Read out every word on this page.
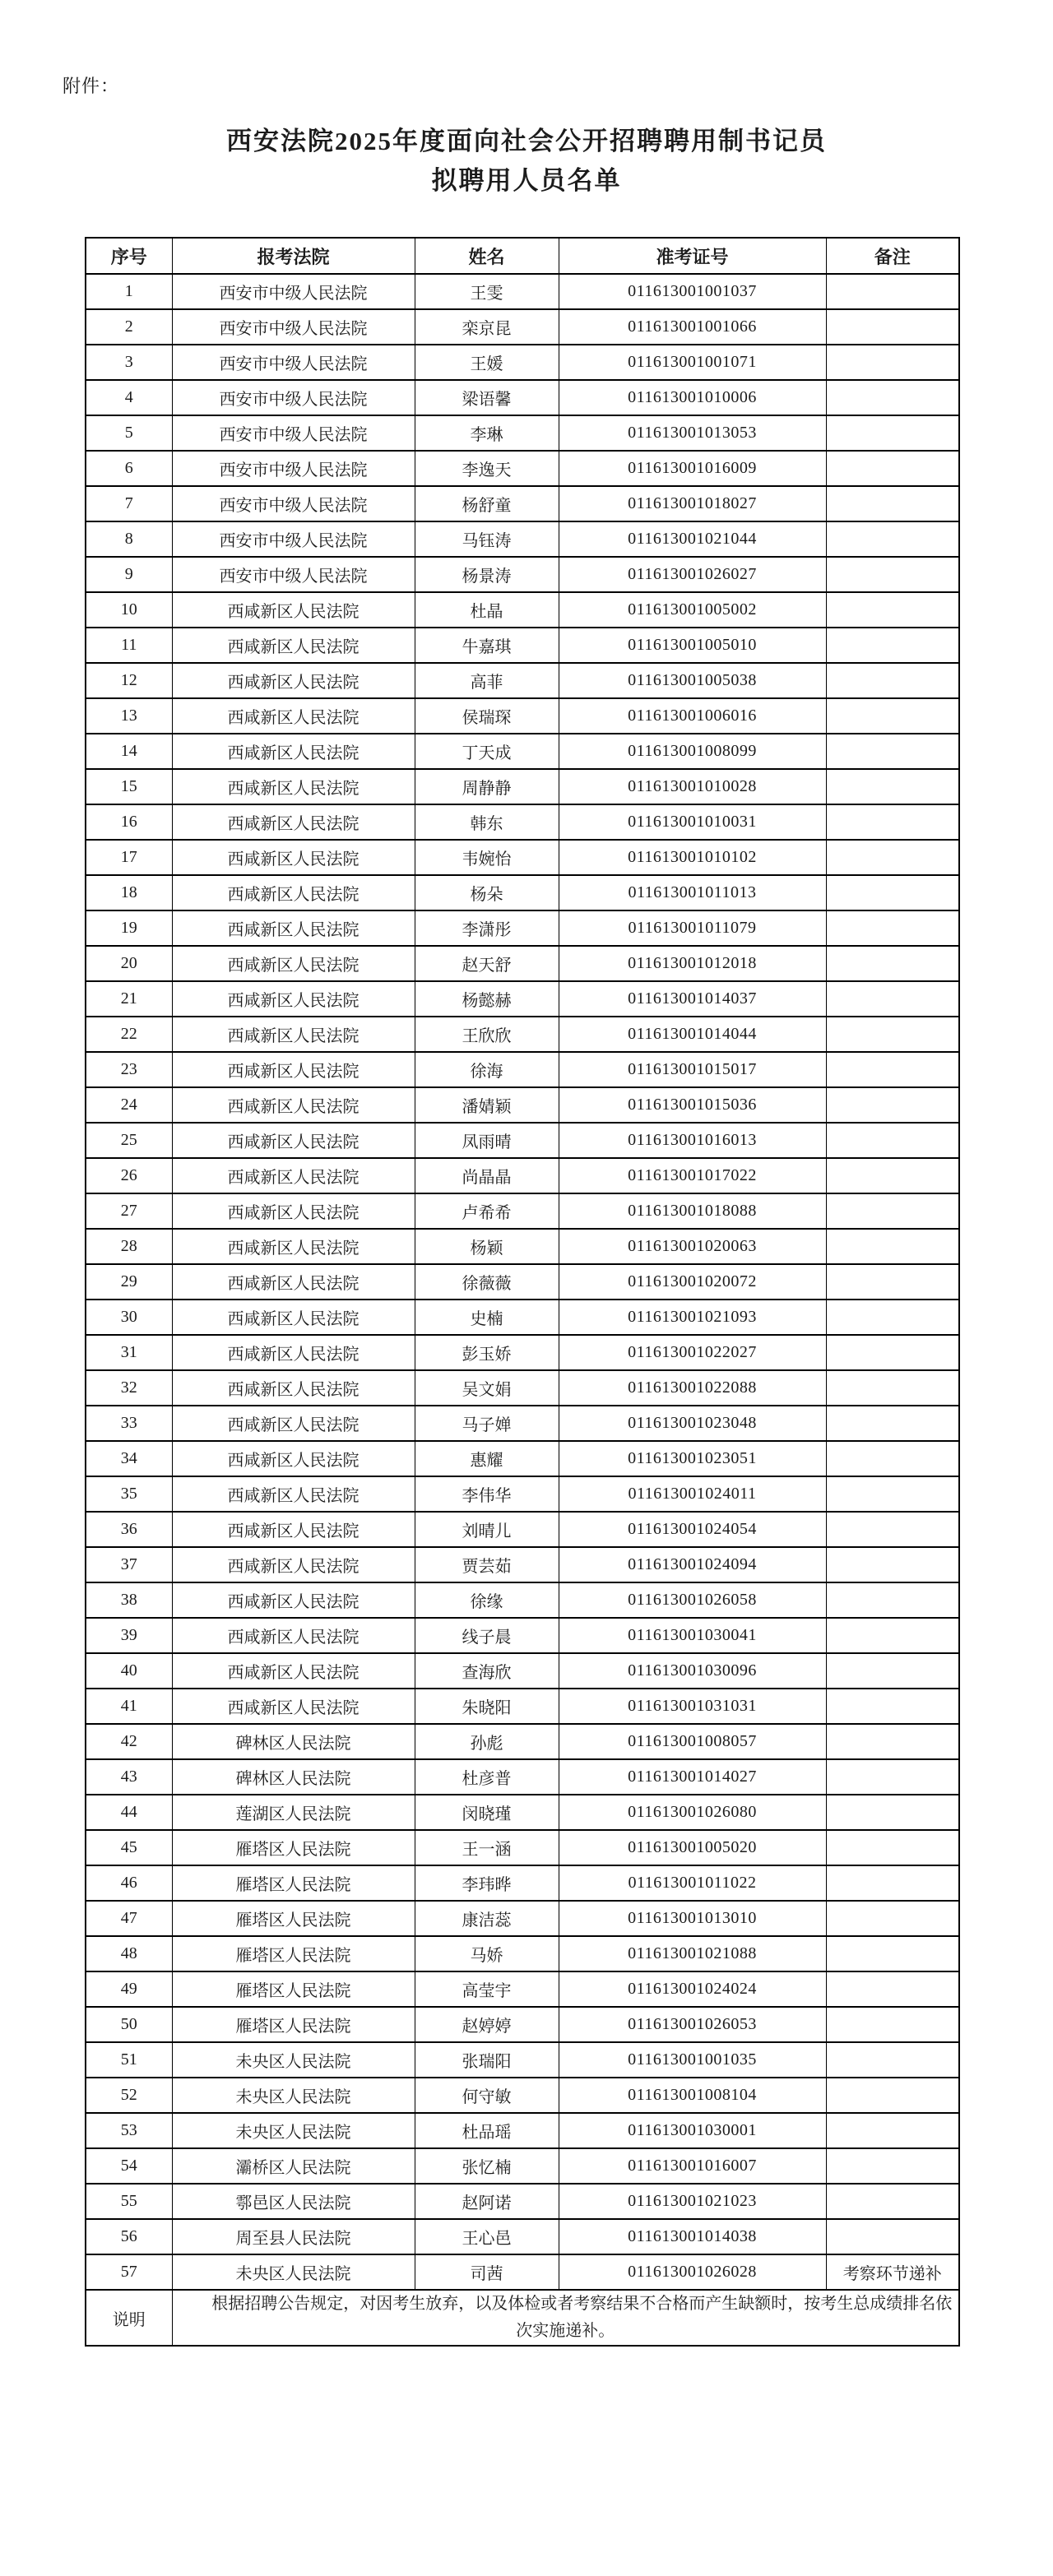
附件：
西安法院2025年度面向社会公开招聘聘用制书记员
拟聘用人员名单
序号	报考法院	姓名	准考证号	备注
1	西安市中级人民法院	王雯	011613001001037	
2	西安市中级人民法院	栾京昆	011613001001066	
3	西安市中级人民法院	王媛	011613001001071	
4	西安市中级人民法院	梁语馨	011613001010006	
5	西安市中级人民法院	李琳	011613001013053	
6	西安市中级人民法院	李逸天	011613001016009	
7	西安市中级人民法院	杨舒童	011613001018027	
8	西安市中级人民法院	马钰涛	011613001021044	
9	西安市中级人民法院	杨景涛	011613001026027	
10	西咸新区人民法院	杜晶	011613001005002	
11	西咸新区人民法院	牛嘉琪	011613001005010	
12	西咸新区人民法院	高菲	011613001005038	
13	西咸新区人民法院	侯瑞琛	011613001006016	
14	西咸新区人民法院	丁天成	011613001008099	
15	西咸新区人民法院	周静静	011613001010028	
16	西咸新区人民法院	韩东	011613001010031	
17	西咸新区人民法院	韦婉怡	011613001010102	
18	西咸新区人民法院	杨朵	011613001011013	
19	西咸新区人民法院	李潇彤	011613001011079	
20	西咸新区人民法院	赵天舒	011613001012018	
21	西咸新区人民法院	杨懿赫	011613001014037	
22	西咸新区人民法院	王欣欣	011613001014044	
23	西咸新区人民法院	徐海	011613001015017	
24	西咸新区人民法院	潘婧颖	011613001015036	
25	西咸新区人民法院	凤雨晴	011613001016013	
26	西咸新区人民法院	尚晶晶	011613001017022	
27	西咸新区人民法院	卢希希	011613001018088	
28	西咸新区人民法院	杨颖	011613001020063	
29	西咸新区人民法院	徐薇薇	011613001020072	
30	西咸新区人民法院	史楠	011613001021093	
31	西咸新区人民法院	彭玉娇	011613001022027	
32	西咸新区人民法院	吴文娟	011613001022088	
33	西咸新区人民法院	马子婵	011613001023048	
34	西咸新区人民法院	惠耀	011613001023051	
35	西咸新区人民法院	李伟华	011613001024011	
36	西咸新区人民法院	刘晴儿	011613001024054	
37	西咸新区人民法院	贾芸茹	011613001024094	
38	西咸新区人民法院	徐缘	011613001026058	
39	西咸新区人民法院	线子晨	011613001030041	
40	西咸新区人民法院	查海欣	011613001030096	
41	西咸新区人民法院	朱晓阳	011613001031031	
42	碑林区人民法院	孙彪	011613001008057	
43	碑林区人民法院	杜彦普	011613001014027	
44	莲湖区人民法院	闵晓瑾	011613001026080	
45	雁塔区人民法院	王一涵	011613001005020	
46	雁塔区人民法院	李玮晔	011613001011022	
47	雁塔区人民法院	康洁蕊	011613001013010	
48	雁塔区人民法院	马娇	011613001021088	
49	雁塔区人民法院	高莹宇	011613001024024	
50	雁塔区人民法院	赵婷婷	011613001026053	
51	未央区人民法院	张瑞阳	011613001001035	
52	未央区人民法院	何守敏	011613001008104	
53	未央区人民法院	杜品瑶	011613001030001	
54	灞桥区人民法院	张忆楠	011613001016007	
55	鄠邑区人民法院	赵阿诺	011613001021023	
56	周至县人民法院	王心邑	011613001014038	
57	未央区人民法院	司茜	011613001026028	考察环节递补
说明	根据招聘公告规定，对因考生放弃，以及体检或者考察结果不合格而产生缺额时，按考生总成绩排名依次实施递补。			
